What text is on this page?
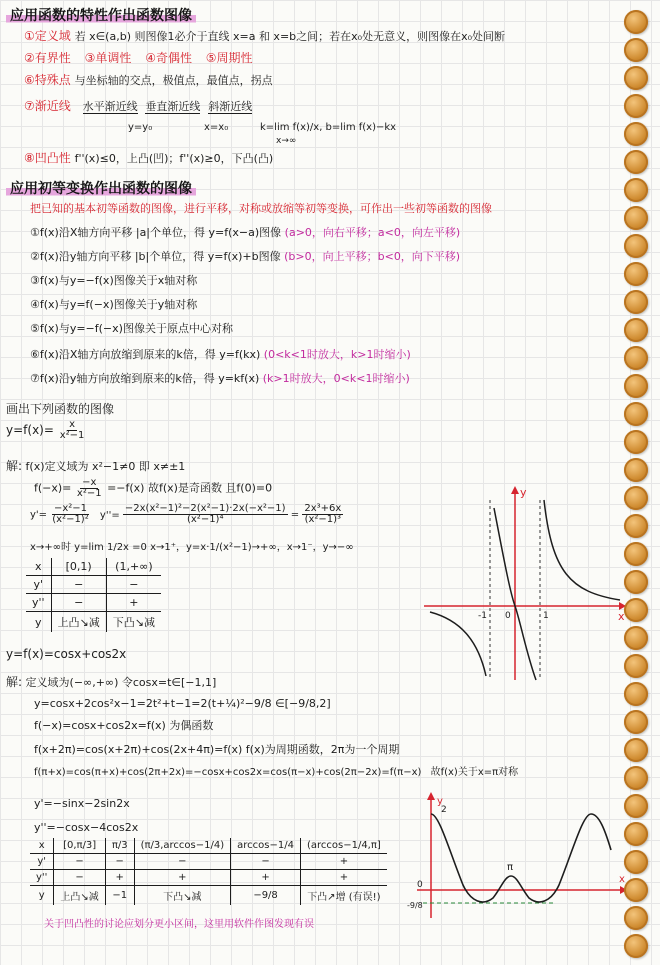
应用函数的特性作出函数图像
①定义域 若 x∈(a,b) 则图像1必介于直线 x=a 和 x=b之间；若在x₀处无意义，则图像在x₀处间断
②有界性 ③单调性 ④奇偶性 ⑤周期性
⑥特殊点 与坐标轴的交点，极值点，最值点，拐点
⑦渐近线 水平渐近线 垂直渐近线 斜渐近线
y=y₀	x=x₀	k=lim f(x)/x, b=lim f(x)−kx
x→∞
⑧凹凸性 f''(x)≤0，上凸(凹)；f''(x)≥0，下凸(凸)
应用初等变换作出函数的图像
把已知的基本初等函数的图像，进行平移，对称或放缩等初等变换，可作出一些初等函数的图像
①f(x)沿X轴方向平移 |a|个单位，得 y=f(x−a)图像 (a>0，向右平移；a<0，向左平移)
②f(x)沿y轴方向平移 |b|个单位，得 y=f(x)+b图像 (b>0，向上平移；b<0，向下平移)
③f(x)与y=−f(x)图像关于x轴对称
④f(x)与y=f(−x)图像关于y轴对称
⑤f(x)与y=−f(−x)图像关于原点中心对称
⑥f(x)沿X轴方向放缩到原来的k倍，得 y=f(kx) (0<k<1时放大，k>1时缩小)
⑦f(x)沿y轴方向放缩到原来的k倍，得 y=kf(x) (k>1时放大，0<k<1时缩小)
画出下列函数的图像
$y=f(x)= \frac{x}{\text{x²−1}}$
解: f(x)定义域为 x²−1≠0 即 x≠±1
$f(-x)= \frac{-x}{\text{x²−1}} =-f(x)$ 故f(x)是奇函数 且f(0)=0
$y'= \frac{\text{−x²−1}}{\text{(x²−1)²}} y''= \frac{\text{−2x(x²−1)²−2(x²−1)·2x(−x²−1)}}{\text{(x²−1)⁴}} = \frac{\text{2x³+6x}}{\text{(x²−1)³}}$
x→+∞时 y=lim 1/2x =0 x→1⁺，y=x·1/(x²−1)→+∞，x→1⁻，y→−∞
x	[0,1)	(1,+∞)
y'	−	−
y''	−	+
y	上凸↘减	下凸↘减
y
x
-1 0	1
y=f(x)=cosx+cos2x
解: 定义域为(−∞,+∞) 令cosx=t∈[−1,1]
y=cosx+2cos²x−1=2t²+t−1=2(t+¼)²−9/8 ∈[−9/8,2]
f(−x)=cosx+cos2x=f(x) 为偶函数
f(x+2π)=cos(x+2π)+cos(2x+4π)=f(x) f(x)为周期函数，2π为一个周期
f(π+x)=cos(π+x)+cos(2π+2x)=−cosx+cos2x=cos(π−x)+cos(2π−2x)=f(π−x) 故f(x)关于x=π对称
y'=−sinx−2sin2x
y''=−cosx−4cos2x
x	[0,π/3]	π/3	(π/3,arccos−1/4)	arccos−1/4	(arccos−1/4,π]
y'	−	−	−	−	+
y''	−	+	+	+	+
y	上凸↘减	−1	下凸↘减	−9/8	下凸↗增 (有误!)
关于凹凸性的讨论应划分更小区间，这里用软件作图发现有误
y
2
π
x
0
-9/8
